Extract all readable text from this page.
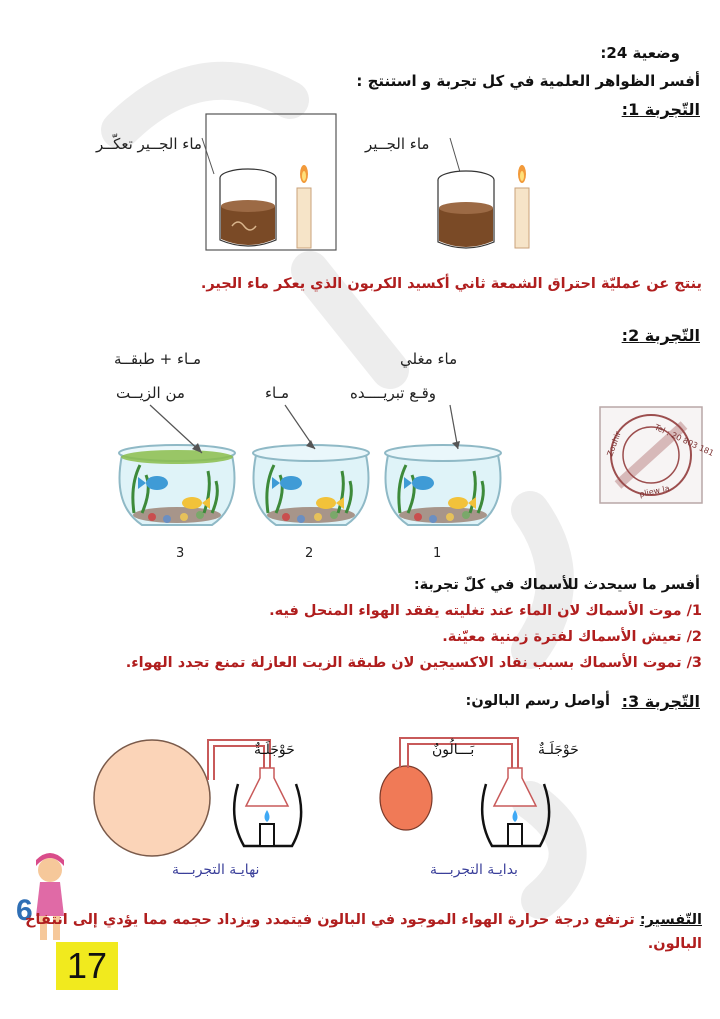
وضعية 24:
أفسر الظواهر العلمية في كل تجربة و استنتج :
التّجربة 1:
ماء الجــير تعكّــر	ماء الجــير
ينتج عن عمليّة احتراق الشمعة ثاني أكسيد الكربون الذي يعكر ماء الجير.
التّجربة 2:
ماء مغلي
وقـع تبريــــده
مـاء
مـاء + طبقــة
من الزيــت
3	2	1
Tel : 20 803 181
Zouhir
pliew la
أفسر ما سيحدث للأسماك في كلّ تجربة:
1/ موت الأسماك لان الماء عند تغليته يفقد الهواء المنحل فيه.
2/ تعيش الأسماك لفترة زمنية معيّنة.
3/ تموت الأسماك بسبب نفاد الاكسيجين لان طبقة الزيت العازلة تمنع تجدد الهواء.
التّجربة 3:
أواصل رسم البالون:
حَوْجَلَـةٌ	حَوْجَلَـةٌ
بَـــالُونٌ
نهايـة التجربـــة	بدايـة التجربـــة
6	التّفسير: ترتفع درجة حرارة الهواء الموجود في البالون فيتمدد ويزداد حجمه مما يؤدي إلى انتفاخ البالون.
17
